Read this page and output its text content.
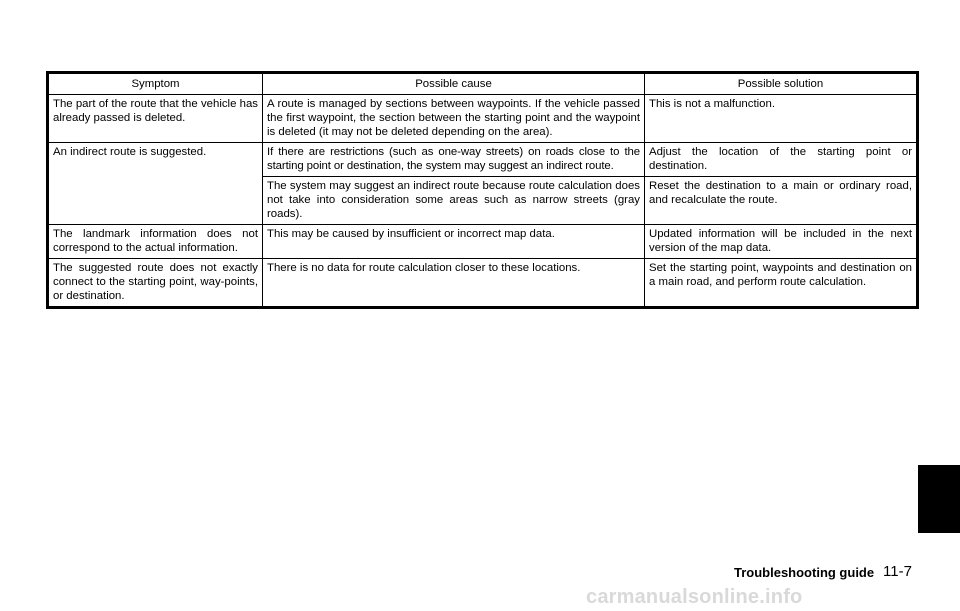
Symptom	Possible cause	Possible solution
The part of the route that the vehicle has already passed is deleted.	A route is managed by sections between waypoints. If the vehicle passed the first waypoint, the section between the starting point and the waypoint is deleted (it may not be deleted depending on the area).	This is not a malfunction.
An indirect route is suggested.	If there are restrictions (such as one-way streets) on roads close to the starting point or destination, the system may suggest an indirect route.	Adjust the location of the starting point or destination.
	The system may suggest an indirect route because route calculation does not take into consideration some areas such as narrow streets (gray roads).	Reset the destination to a main or ordinary road, and recalculate the route.
The landmark information does not correspond to the actual information.	This may be caused by insufficient or incorrect map data.	Updated information will be included in the next version of the map data.
The suggested route does not exactly connect to the starting point, way-points, or destination.	There is no data for route calculation closer to these locations.	Set the starting point, waypoints and destination on a main road, and perform route calculation.
Troubleshooting guide 11-7
carmanualsonline.info
